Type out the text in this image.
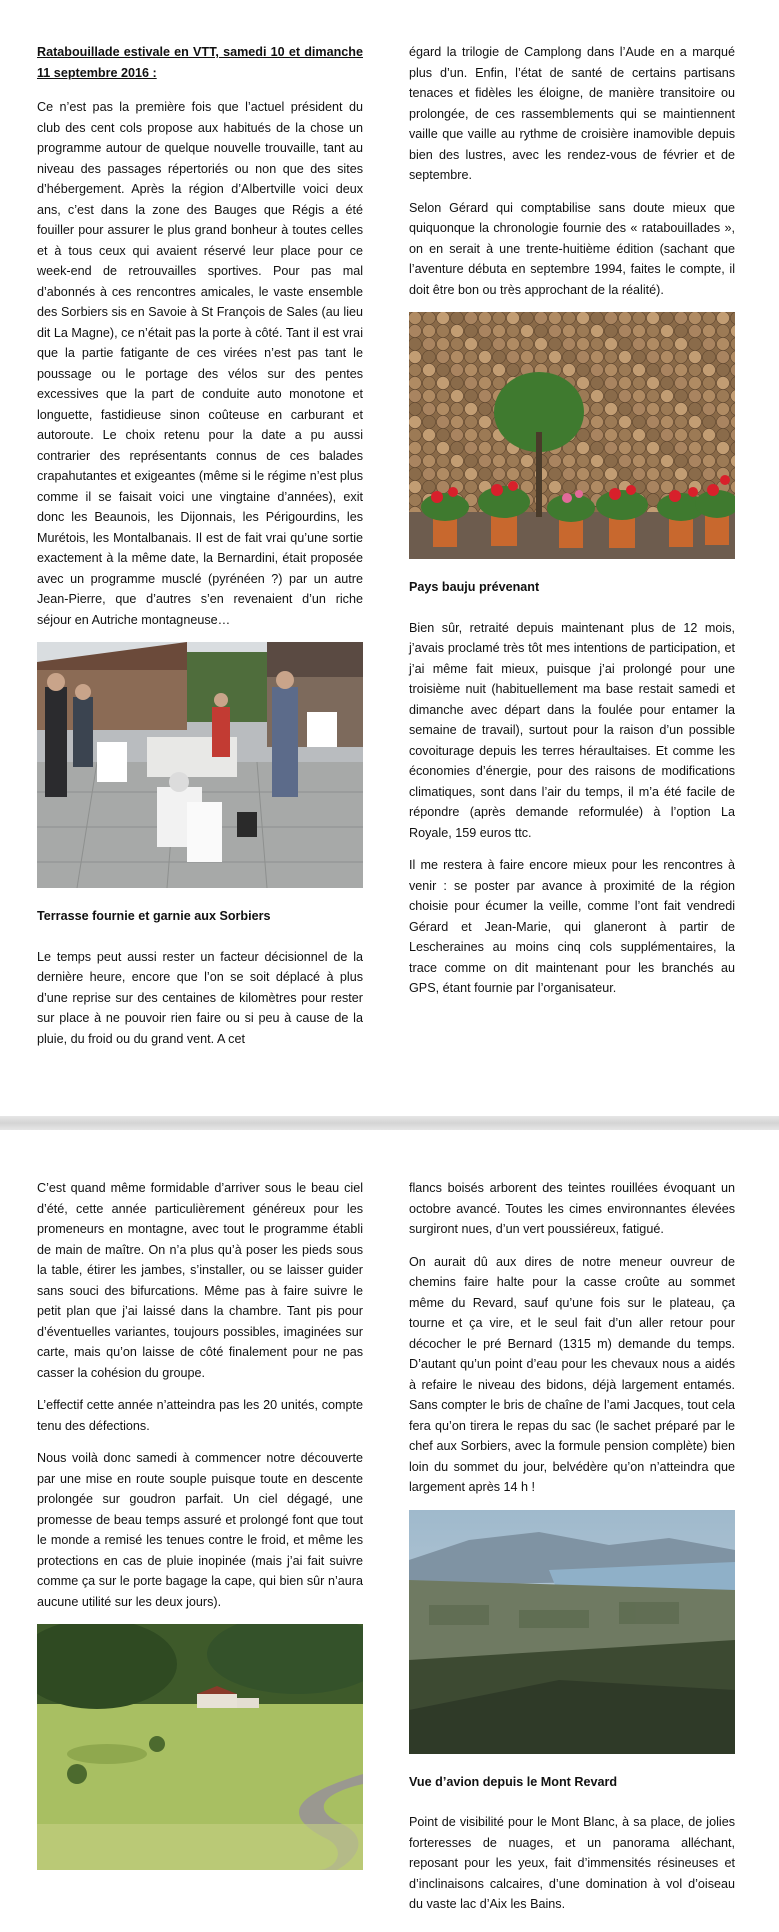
Ratabouillade estivale en VTT, samedi 10 et dimanche 11 septembre 2016 :

Ce n’est pas la première fois que l’actuel président du club des cent cols propose aux habitués de la chose un programme autour de quelque nouvelle trouvaille, tant au niveau des passages répertoriés ou non que des sites d’hébergement. Après la région d’Albertville voici deux ans, c’est dans la zone des Bauges que Régis a été fouiller pour assurer le plus grand bonheur à toutes celles et à tous ceux qui avaient réservé leur place pour ce week-end de retrouvailles sportives. Pour pas mal d’abonnés à ces rencontres amicales, le vaste ensemble des Sorbiers sis en Savoie à St François de Sales (au lieu dit La Magne), ce n’était pas la porte à côté. Tant il est vrai que la partie fatigante de ces virées n’est pas tant le poussage ou le portage des vélos sur des pentes excessives que la part de conduite auto monotone et longuette, fastidieuse sinon coûteuse en carburant et autoroute. Le choix retenu pour la date a pu aussi contrarier des représentants connus de ces balades crapahutantes et exigeantes (même si le régime n’est plus comme il se faisait voici une vingtaine d’années), exit donc les Beaunois, les Dijonnais, les Périgourdins, les Murétois, les Montalbanais. Il est de fait vrai qu’une sortie exactement à la même date, la Bernardini, était proposée avec un programme musclé (pyrénéen ?) par un autre Jean-Pierre, que d’autres s’en revenaient d’un riche séjour en Autriche montagneuse…

Terrasse fournie et garnie aux Sorbiers

Le temps peut aussi rester un facteur décisionnel de la dernière heure, encore que l’on se soit déplacé à plus d’une reprise sur des centaines de kilomètres pour rester sur place à ne pouvoir rien faire ou si peu à cause de la pluie, du froid ou du grand vent. A cet

égard la trilogie de Camplong dans l’Aude en a marqué plus d’un. Enfin, l’état de santé de certains partisans tenaces et fidèles les éloigne, de manière transitoire ou prolongée, de ces rassemblements qui se maintiennent vaille que vaille au rythme de croisière inamovible depuis bien des lustres, avec les rendez-vous de février et de septembre.

Selon Gérard qui comptabilise sans doute mieux que quiquonque la chronologie fournie des « ratabouillades », on en serait à une trente-huitième édition (sachant que l’aventure débuta en septembre 1994, faites le compte, il doit être bon ou très approchant de la réalité).

Pays bauju prévenant

Bien sûr, retraité depuis maintenant plus de 12 mois, j’avais proclamé très tôt mes intentions de participation, et j’ai même fait mieux, puisque j’ai prolongé pour une troisième nuit (habituellement ma base restait samedi et dimanche avec départ dans la foulée pour entamer la semaine de travail), surtout pour la raison d’un possible covoiturage depuis les terres héraultaises. Et comme les économies d’énergie, pour des raisons de modifications climatiques, sont dans l’air du temps, il m’a été facile de répondre (après demande reformulée) à l’option La Royale, 159 euros ttc.

Il me restera à faire encore mieux pour les rencontres à venir : se poster par avance à proximité de la région choisie pour écumer la veille, comme l’ont fait vendredi Gérard et Jean-Marie, qui glaneront à partir de Lescheraines au moins cinq cols supplémentaires, la trace comme on dit maintenant pour les branchés au GPS, étant fournie par l’organisateur.

C’est quand même formidable d’arriver sous le beau ciel d’été, cette année particulièrement généreux pour les promeneurs en montagne, avec tout le programme établi de main de maître. On n’a plus qu’à poser les pieds sous la table, étirer les jambes, s’installer, ou se laisser guider sans souci des bifurcations. Même pas à faire suivre le petit plan que j’ai laissé dans la chambre. Tant pis pour d’éventuelles variantes, toujours possibles, imaginées sur carte, mais qu’on laisse de côté finalement pour ne pas casser la cohésion du groupe.

L’effectif cette année n’atteindra pas les 20 unités, compte tenu des défections.

Nous voilà donc samedi à commencer notre découverte par une mise en route souple puisque toute en descente prolongée sur goudron parfait. Un ciel dégagé, une promesse de beau temps assuré et prolongé font que tout le monde a remisé les tenues contre le froid, et même les protections en cas de pluie inopinée (mais j’ai fait suivre comme ça sur le porte bagage la cape, qui bien sûr n’aura aucune utilité sur les deux jours).

flancs boisés arborent des teintes rouillées évoquant un octobre avancé. Toutes les cimes environnantes élevées surgiront nues, d’un vert poussiéreux, fatigué.

On aurait dû aux dires de notre meneur ouvreur de chemins faire halte pour la casse croûte au sommet même du Revard, sauf qu’une fois sur le plateau, ça tourne et ça vire, et le seul fait d’un aller retour pour décocher le pré Bernard (1315 m) demande du temps. D’autant qu’un point d’eau pour les chevaux nous a aidés à refaire le niveau des bidons, déjà largement entamés. Sans compter le bris de chaîne de l’ami Jacques, tout cela fera qu’on tirera le repas du sac (le sachet préparé par le chef aux Sorbiers, avec la formule pension complète) bien loin du sommet du jour, belvédère qu’on n’atteindra que largement après 14 h !

Vue d’avion depuis le Mont Revard

Point de visibilité pour le Mont Blanc, à sa place, de jolies forteresses de nuages, et un panorama alléchant, reposant pour les yeux, fait d’immensités résineuses et d’inclinaisons calcaires, d’une domination à vol d’oiseau du vaste lac d’Aix les Bains.
